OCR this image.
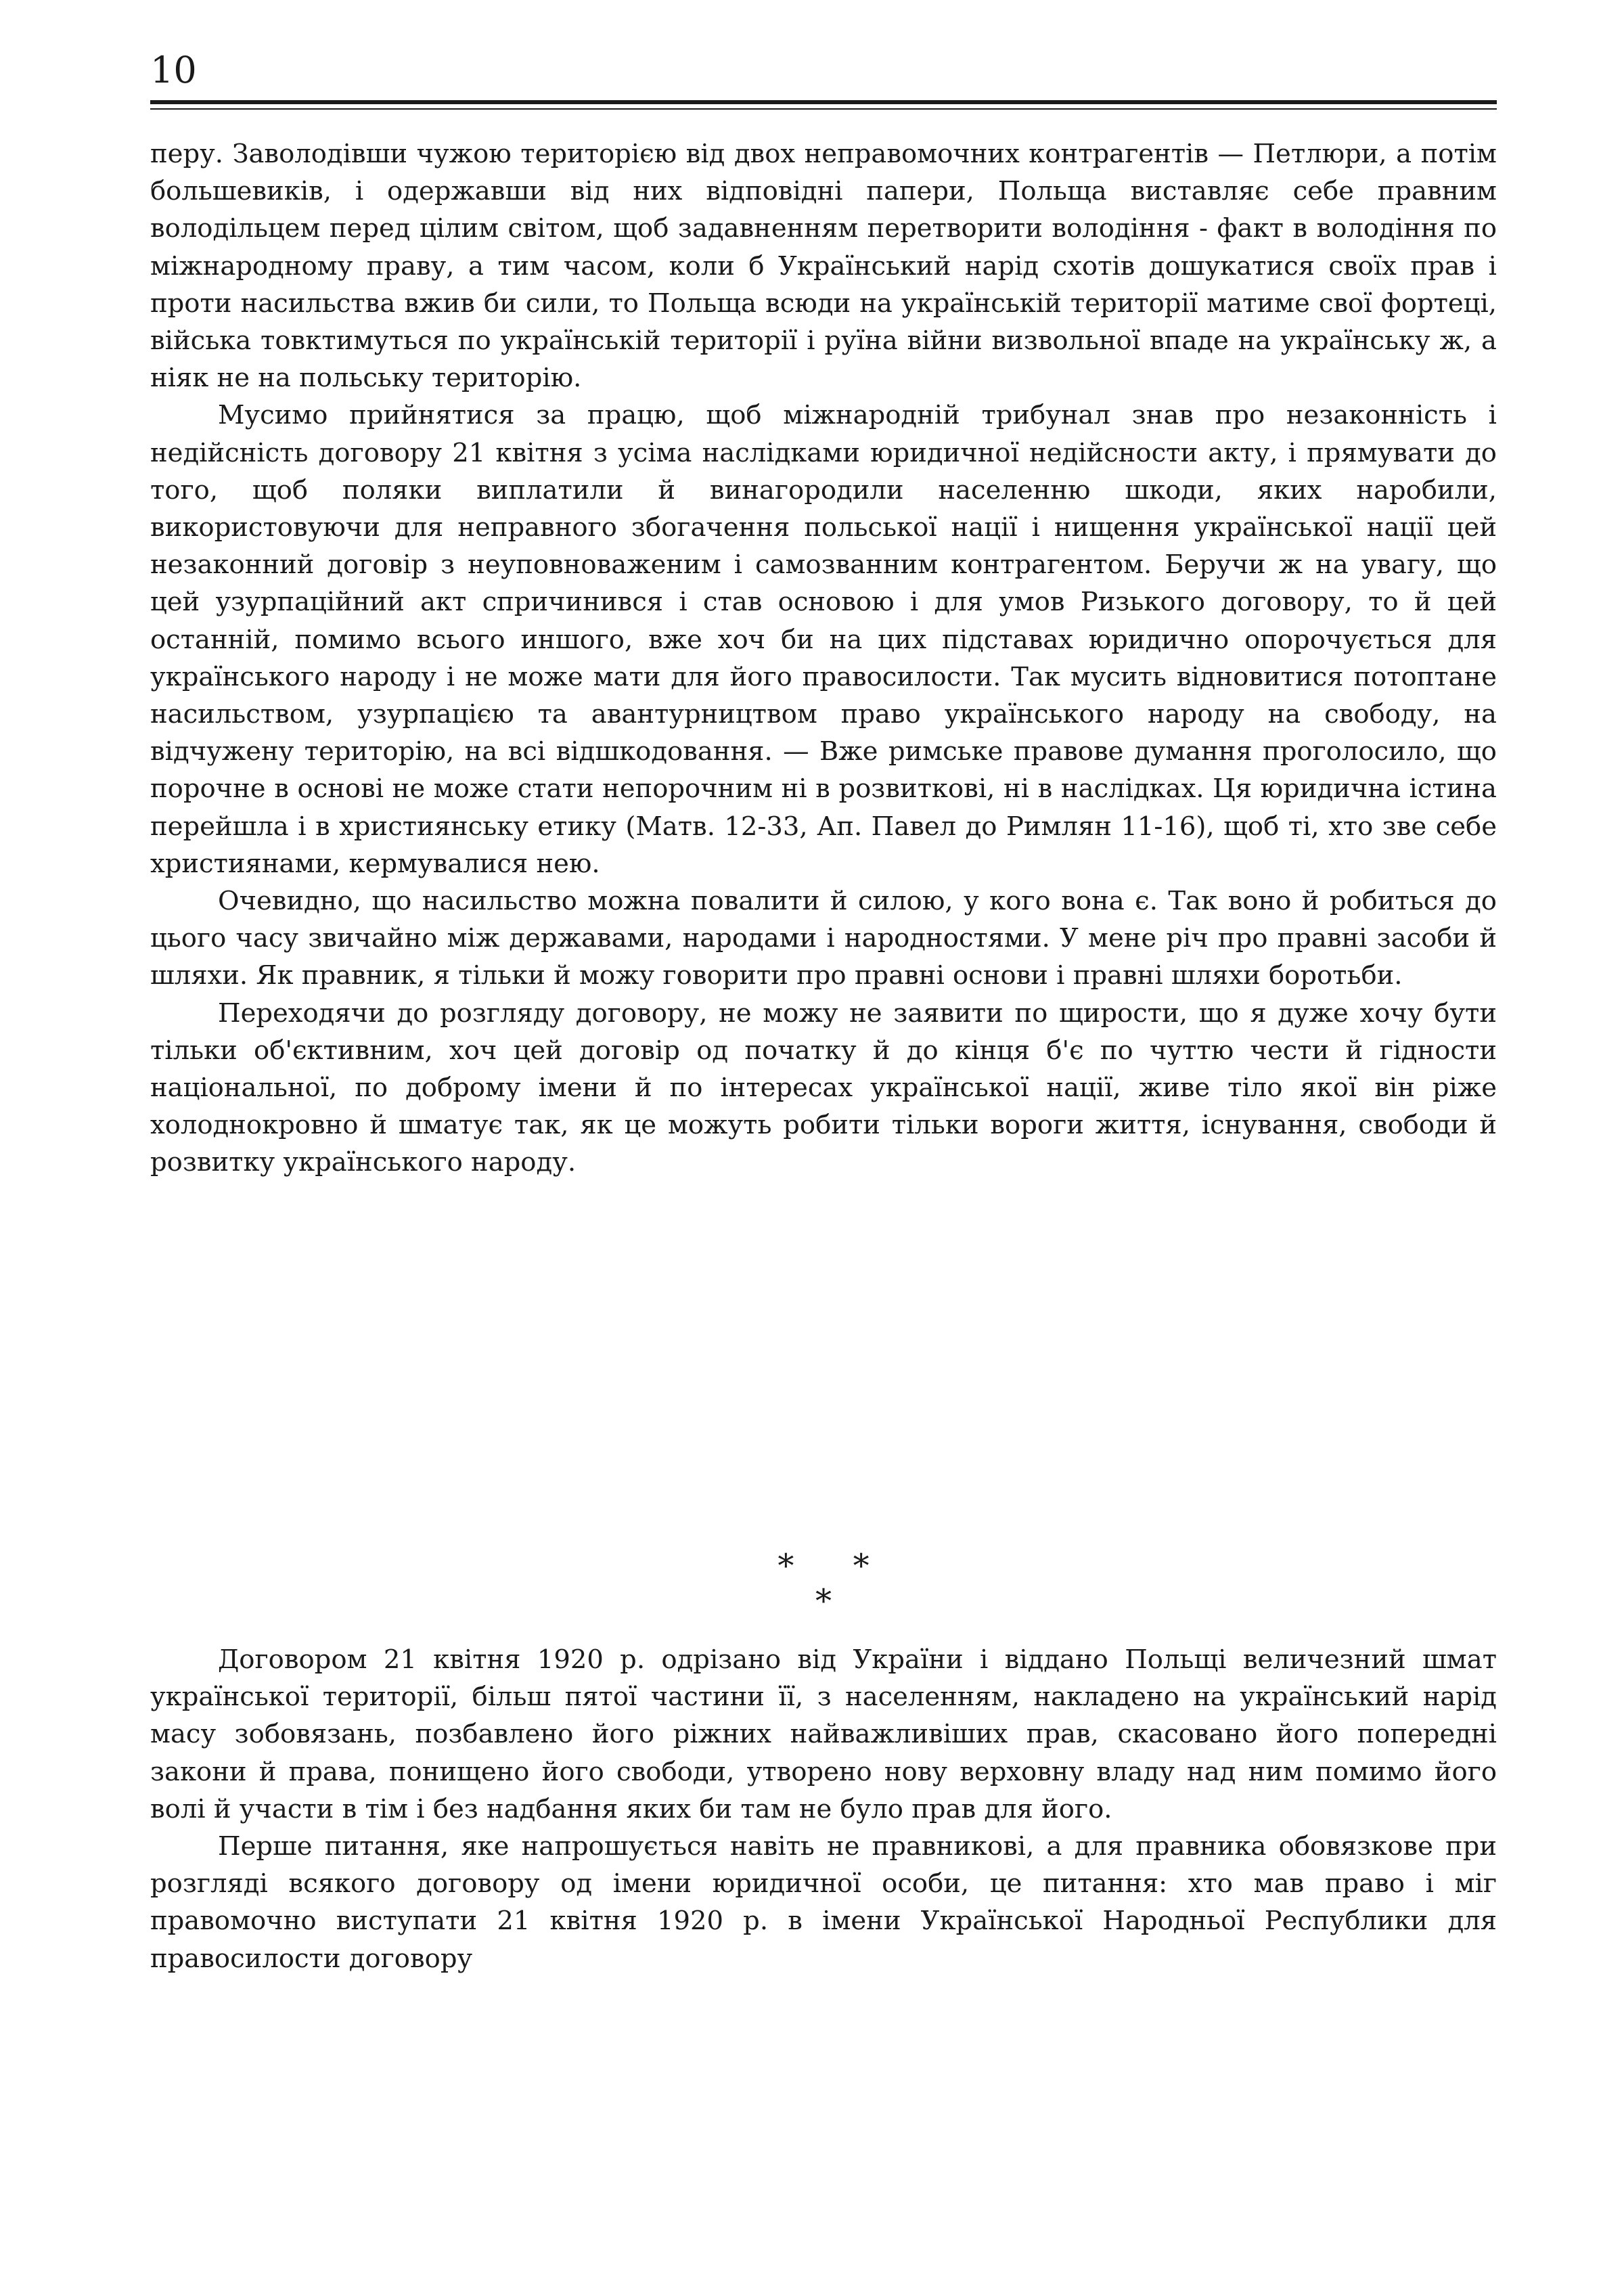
10

перу. Заволодівши чужою територією від двох неправомочних контрагентів — Петлюри, а потім большевиків, і одержавши від них відповідні папери, Польща виставляє себе правним володільцем перед цілим світом, щоб задавненням перетворити володіння - факт в володіння по міжнародному праву, а тим часом, коли б Український нарід схотів дошукатися своїх прав і проти насильства вжив би сили, то Польща всюди на українській території матиме свої фортеці, війська товктимуться по українській території і руїна війни визвольної впаде на українську ж, а ніяк не на польську територію.

Мусимо прийнятися за працю, щоб міжнародній трибунал знав про незаконність і недійсність договору 21 квітня з усіма наслідками юридичної недійсности акту, і прямувати до того, щоб поляки виплатили й винагородили населенню шкоди, яких наробили, використовуючи для неправного збогачення польської нації і нищення української нації цей незаконний договір з неуповноваженим і самозванним контрагентом. Беручи ж на увагу, що цей узурпаційний акт спричинився і став основою і для умов Ризького договору, то й цей останній, помимо всього иншого, вже хоч би на цих підставах юридично опорочується для українського народу і не може мати для його правосилости. Так мусить відновитися потоптане насильством, узурпацією та авантурництвом право українського народу на свободу, на відчужену територію, на всі відшкодовання. — Вже римське правове думання проголосило, що порочне в основі не може стати непорочним ні в розвиткові, ні в наслідках. Ця юридична істина перейшла і в християнську етику (Матв. 12-33, Ап. Павел до Римлян 11-16), щоб ті, хто зве себе християнами, кермувалися нею.

Очевидно, що насильство можна повалити й силою, у кого вона є. Так воно й робиться до цього часу звичайно між державами, народами і народностями. У мене річ про правні засоби й шляхи. Як правник, я тільки й можу говорити про правні основи і правні шляхи боротьби.

Переходячи до розгляду договору, не можу не заявити по щирости, що я дуже хочу бути тільки об'єктивним, хоч цей договір од початку й до кінця б'є по чуттю чести й гідности національної, по доброму імени й по інтересах української нації, живе тіло якої він ріже холоднокровно й шматує так, як це можуть робити тільки вороги життя, існування, свободи й розвитку українського народу.

* *
*

Договором 21 квітня 1920 р. одрізано від України і віддано Польщі величезний шмат української території, більш пятої частини її, з населенням, накладено на український нарід масу зобовязань, позбавлено його ріжних найважливіших прав, скасовано його попередні закони й права, понищено його свободи, утворено нову верховну владу над ним помимо його волі й участи в тім і без надбання яких би там не було прав для його.

Перше питання, яке напрошується навіть не правникові, а для правника обовязкове при розгляді всякого договору од імени юридичної особи, це питання: хто мав право і міг правомочно виступати 21 квітня 1920 р. в імени Української Народньої Республики для правосилости договору
